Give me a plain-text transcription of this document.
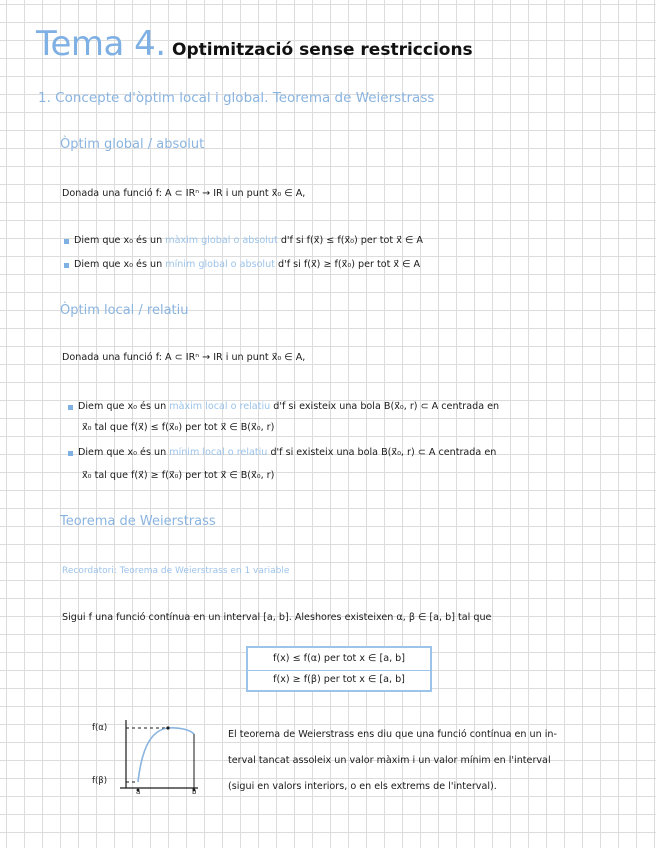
Tema 4. Optimització sense restriccions
1. Concepte d'òptim local i global. Teorema de Weierstrass
Òptim global / absolut
Donada una funció f: A ⊂ IRⁿ → IR i un punt x⃗₀ ∈ A,
Diem que x₀ és un màxim global o absolut d'f si f(x⃗) ≤ f(x⃗₀) per tot x⃗ ∈ A
Diem que x₀ és un mínim global o absolut d'f si f(x⃗) ≥ f(x⃗₀) per tot x⃗ ∈ A
Òptim local / relatiu
Donada una funció f: A ⊂ IRⁿ → IR i un punt x⃗₀ ∈ A,
Diem que x₀ és un màxim local o relatiu d'f si existeix una bola B(x⃗₀, r) ⊂ A centrada en
x⃗₀ tal que f(x⃗) ≤ f(x⃗₀) per tot x⃗ ∈ B(x⃗₀, r)
Diem que x₀ és un mínim local o relatiu d'f si existeix una bola B(x⃗₀, r) ⊂ A centrada en
x⃗₀ tal que f(x⃗) ≥ f(x⃗₀) per tot x⃗ ∈ B(x⃗₀, r)
Teorema de Weierstrass
Recordatori: Teorema de Weierstrass en 1 variable
Sigui f una funció contínua en un interval [a, b]. Aleshores existeixen α, β ∈ [a, b] tal que
f(x) ≤ f(α) per tot x ∈ [a, b]
f(x) ≥ f(β) per tot x ∈ [a, b]
f(α)
f(β)
a	b
El teorema de Weierstrass ens diu que una funció contínua en un in-
terval tancat assoleix un valor màxim i un valor mínim en l'interval
(sigui en valors interiors, o en els extrems de l'interval).
